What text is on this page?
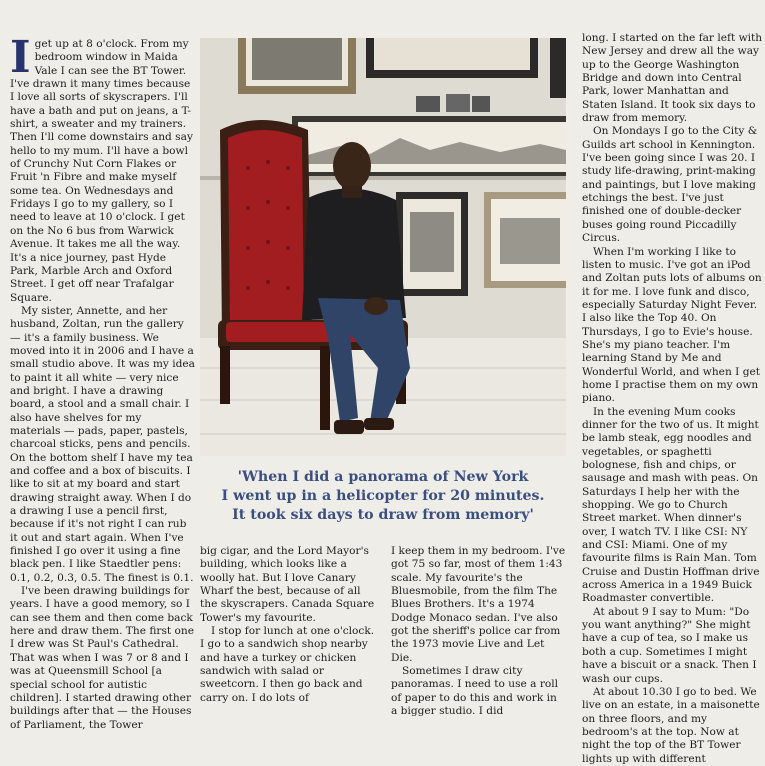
I get up at 8 o'clock. From my bedroom window in Maida Vale I can see the BT Tower. I've drawn it many times because I love all sorts of skyscrapers. I'll have a bath and put on jeans, a T-shirt, a sweater and my trainers. Then I'll come downstairs and say hello to my mum. I'll have a bowl of Crunchy Nut Corn Flakes or Fruit 'n Fibre and make myself some tea. On Wednesdays and Fridays I go to my gallery, so I need to leave at 10 o'clock. I get on the No 6 bus from Warwick Avenue. It takes me all the way. It's a nice journey, past Hyde Park, Marble Arch and Oxford Street. I get off near Trafalgar Square.

My sister, Annette, and her husband, Zoltan, run the gallery — it's a family business. We moved into it in 2006 and I have a small studio above. It was my idea to paint it all white — very nice and bright. I have a drawing board, a stool and a small chair. I also have shelves for my materials — pads, paper, pastels, charcoal sticks, pens and pencils. On the bottom shelf I have my tea and coffee and a box of biscuits. I like to sit at my board and start drawing straight away. When I do a drawing I use a pencil first, because if it's not right I can rub it out and start again. When I've finished I go over it using a fine black pen. I like Staedtler pens: 0.1, 0.2, 0.3, 0.5. The finest is 0.1.

I've been drawing buildings for years. I have a good memory, so I can see them and then come back here and draw them. The first one I drew was St Paul's Cathedral. That was when I was 7 or 8 and I was at Queensmill School [a special school for autistic children]. I started drawing other buildings after that — the Houses of Parliament, the Tower

'When I did a panorama of New York
I went up in a helicopter for 20 minutes.
It took six days to draw from memory'

big cigar, and the Lord Mayor's building, which looks like a woolly hat. But I love Canary Wharf the best, because of all the skyscrapers. Canada Square Tower's my favourite.

I stop for lunch at one o'clock. I go to a sandwich shop nearby and have a turkey or chicken sandwich with salad or sweetcorn. I then go back and carry on. I do lots of

I keep them in my bedroom. I've got 75 so far, most of them 1:43 scale. My favourite's the Bluesmobile, from the film The Blues Brothers. It's a 1974 Dodge Monaco sedan. I've also got the sheriff's police car from the 1973 movie Live and Let Die.

Sometimes I draw city panoramas. I need to use a roll of paper to do this and work in a bigger studio. I did

long. I started on the far left with New Jersey and drew all the way up to the George Washington Bridge and down into Central Park, lower Manhattan and Staten Island. It took six days to draw from memory.

On Mondays I go to the City & Guilds art school in Kennington. I've been going since I was 20. I study life-drawing, print-making and paintings, but I love making etchings the best. I've just finished one of double-decker buses going round Piccadilly Circus.

When I'm working I like to listen to music. I've got an iPod and Zoltan puts lots of albums on it for me. I love funk and disco, especially Saturday Night Fever. I also like the Top 40. On Thursdays, I go to Evie's house. She's my piano teacher. I'm learning Stand by Me and Wonderful World, and when I get home I practise them on my own piano.

In the evening Mum cooks dinner for the two of us. It might be lamb steak, egg noodles and vegetables, or spaghetti bolognese, fish and chips, or sausage and mash with peas. On Saturdays I help her with the shopping. We go to Church Street market. When dinner's over, I watch TV. I like CSI: NY and CSI: Miami. One of my favourite films is Rain Man. Tom Cruise and Dustin Hoffman drive across America in a 1949 Buick Roadmaster convertible.

At about 9 I say to Mum: "Do you want anything?" She might have a cup of tea, so I make us both a cup. Sometimes I might have a biscuit or a snack. Then I wash our cups.

At about 10.30 I go to bed. We live on an estate, in a maisonette on three floors, and my bedroom's at the top. Now at night the top of the BT Tower lights up with different
